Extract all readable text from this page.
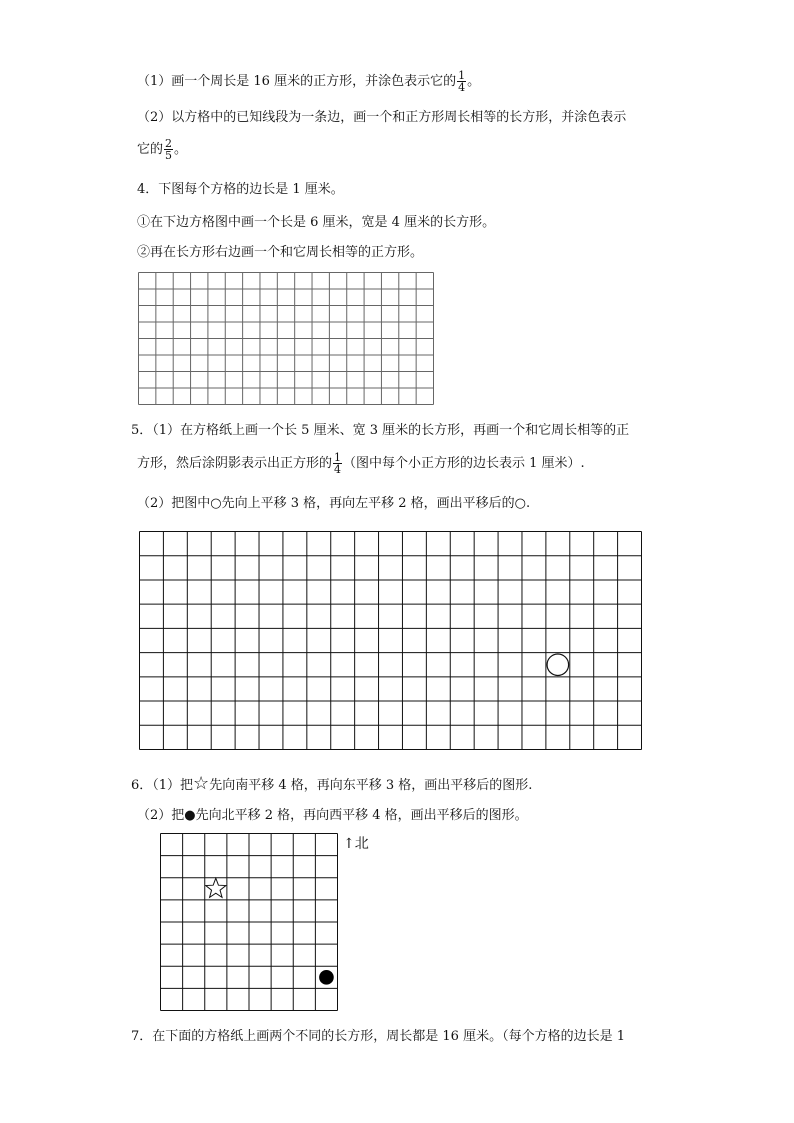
（1）画一个周长是 16 厘米的正方形，并涂色表示它的 $\frac{1}{4}$ 。
（2）以方格中的已知线段为一条边，画一个和正方形周长相等的长方形，并涂色表示
它的 $\frac{2}{5}$ 。
4．下图每个方格的边长是 1 厘米。
①在下边方格图中画一个长是 6 厘米，宽是 4 厘米的长方形。
②再在长方形右边画一个和它周长相等的正方形。
5．（1）在方格纸上画一个长 5 厘米、宽 3 厘米的长方形，再画一个和它周长相等的正
方形，然后涂阴影表示出正方形的 $\frac{1}{4}$ （图中每个小正方形的边长表示 1 厘米）.
（2）把图中○先向上平移 3 格，再向左平移 2 格，画出平移后的○.
6．（1）把☆先向南平移 4 格，再向东平移 3 格，画出平移后的图形.
（2）把●先向北平移 2 格，再向西平移 4 格，画出平移后的图形。
↑北
7．在下面的方格纸上画两个不同的长方形，周长都是 16 厘米。（每个方格的边长是 1
